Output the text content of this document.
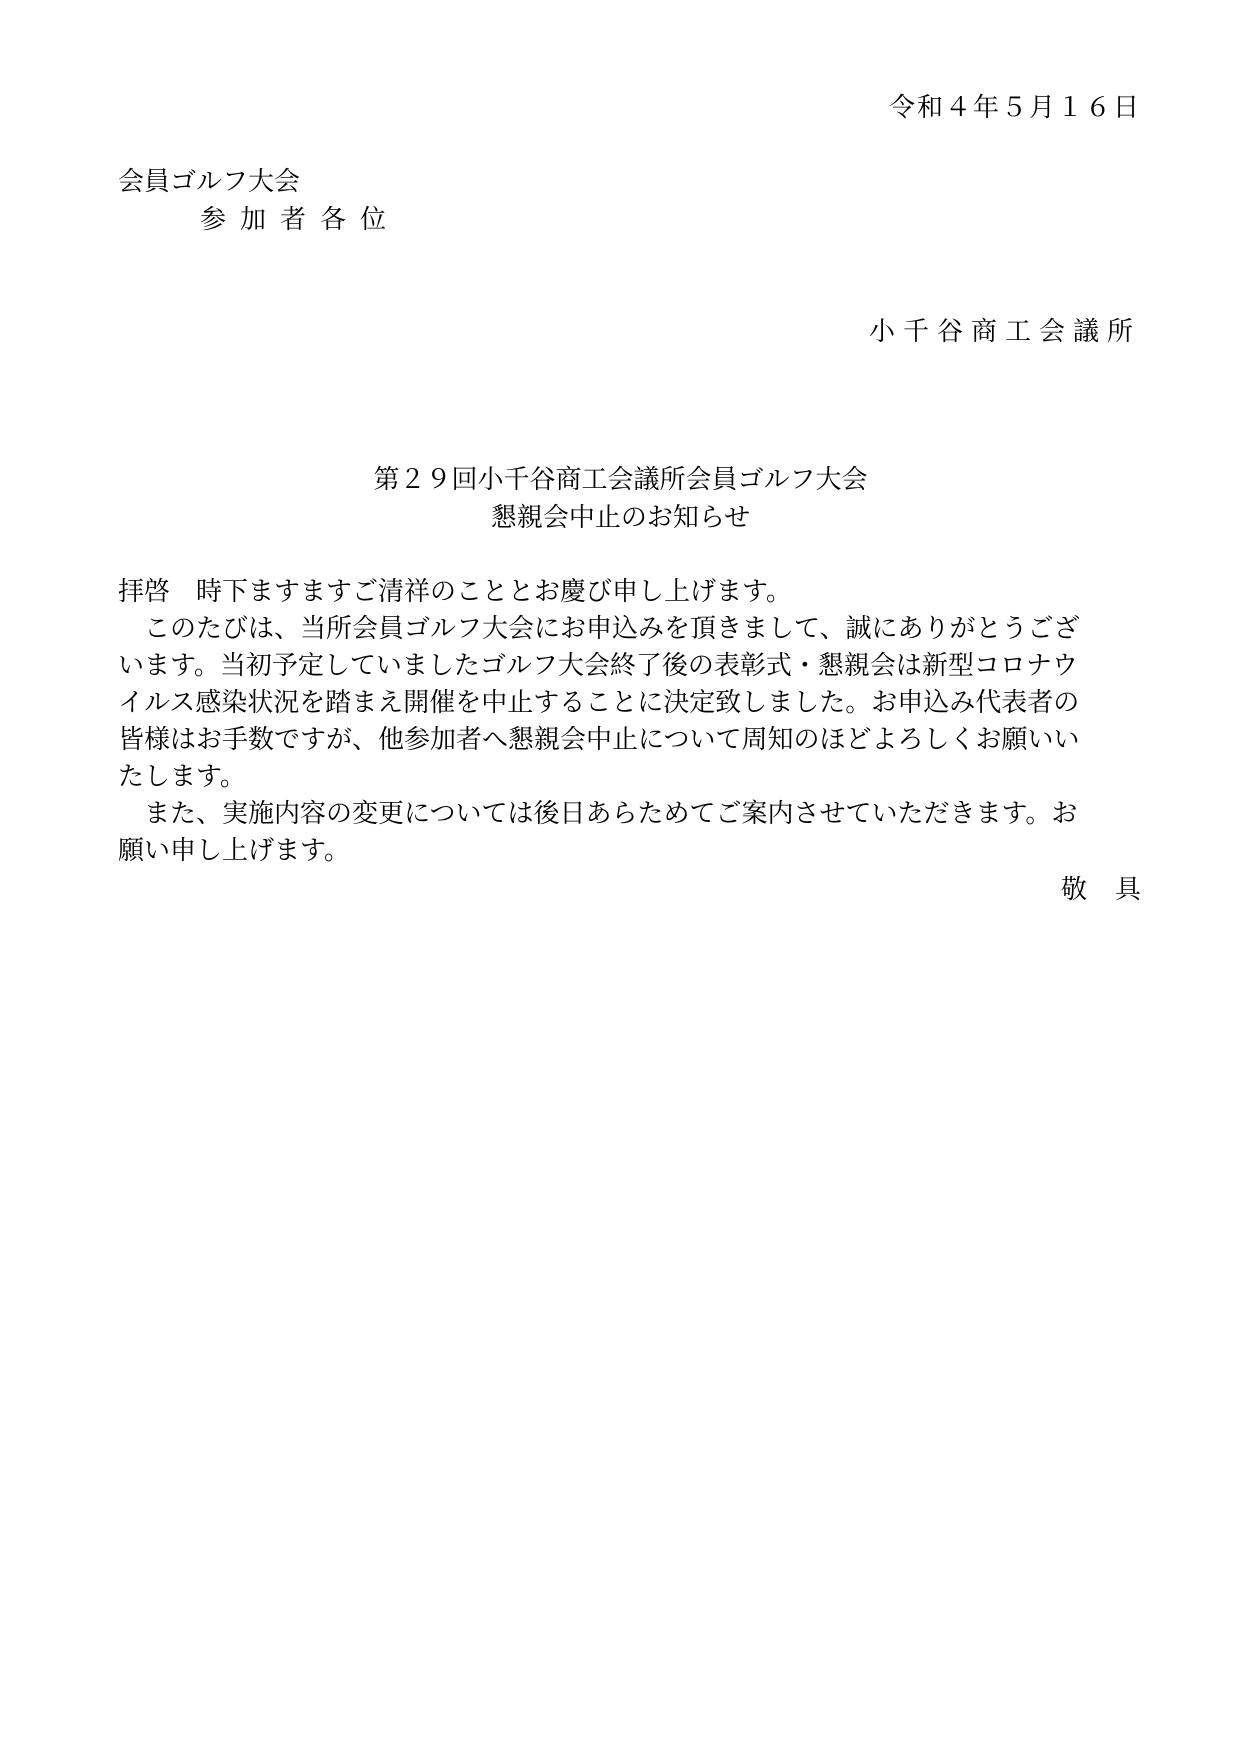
令和４年５月１６日
会員ゴルフ大会
参加者各位
小千谷商工会議所
第２９回小千谷商工会議所会員ゴルフ大会
懇親会中止のお知らせ
拝啓　時下ますますご清祥のこととお慶び申し上げます。
　このたびは、当所会員ゴルフ大会にお申込みを頂きまして、誠にありがとうござ
います。当初予定していましたゴルフ大会終了後の表彰式・懇親会は新型コロナウ
イルス感染状況を踏まえ開催を中止することに決定致しました。お申込み代表者の
皆様はお手数ですが、他参加者へ懇親会中止について周知のほどよろしくお願いい
たします。
　また、実施内容の変更については後日あらためてご案内させていただきます。お
願い申し上げます。
敬具
